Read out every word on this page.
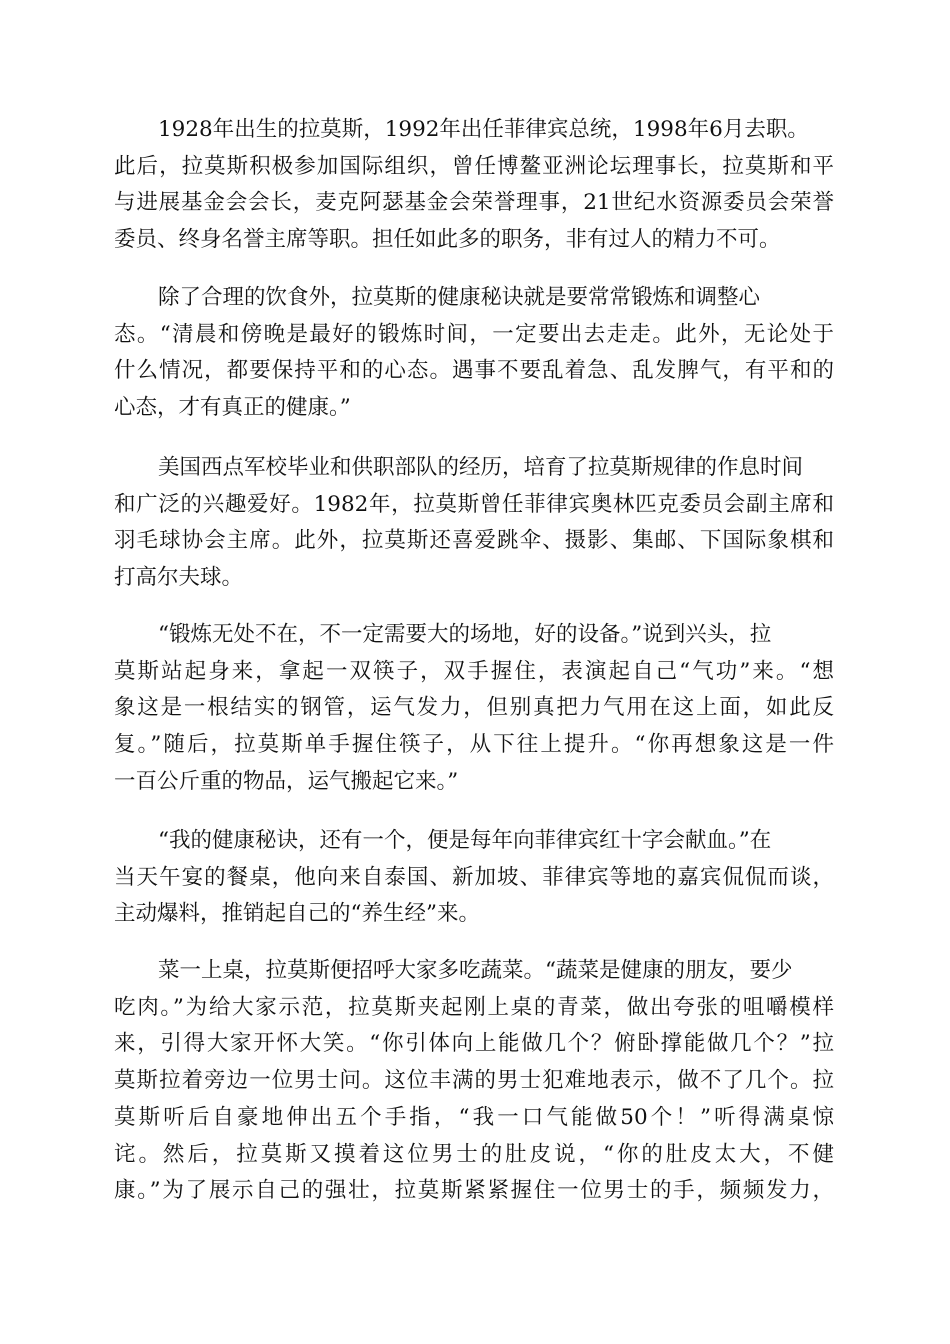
1928年出生的拉莫斯，1992年出任菲律宾总统，1998年6月去职。
此后，拉莫斯积极参加国际组织，曾任博鳌亚洲论坛理事长，拉莫斯和平
与进展基金会会长，麦克阿瑟基金会荣誉理事，21世纪水资源委员会荣誉
委员、终身名誉主席等职。担任如此多的职务，非有过人的精力不可。
除了合理的饮食外，拉莫斯的健康秘诀就是要常常锻炼和调整心
态。“清晨和傍晚是最好的锻炼时间，一定要出去走走。此外，无论处于
什么情况，都要保持平和的心态。遇事不要乱着急、乱发脾气，有平和的
心态，才有真正的健康。”
美国西点军校毕业和供职部队的经历，培育了拉莫斯规律的作息时间
和广泛的兴趣爱好。1982年，拉莫斯曾任菲律宾奥林匹克委员会副主席和
羽毛球协会主席。此外，拉莫斯还喜爱跳伞、摄影、集邮、下国际象棋和
打高尔夫球。
“锻炼无处不在，不一定需要大的场地，好的设备。”说到兴头，拉
莫斯站起身来，拿起一双筷子，双手握住，表演起自己“气功”来。“想
象这是一根结实的钢管，运气发力，但别真把力气用在这上面，如此反
复。”随后，拉莫斯单手握住筷子，从下往上提升。“你再想象这是一件
一百公斤重的物品，运气搬起它来。”
“我的健康秘诀，还有一个，便是每年向菲律宾红十字会献血。”在
当天午宴的餐桌，他向来自泰国、新加坡、菲律宾等地的嘉宾侃侃而谈，
主动爆料，推销起自己的“养生经”来。
菜一上桌，拉莫斯便招呼大家多吃蔬菜。“蔬菜是健康的朋友，要少
吃肉。”为给大家示范，拉莫斯夹起刚上桌的青菜，做出夸张的咀嚼模样
来，引得大家开怀大笑。“你引体向上能做几个？俯卧撑能做几个？”拉
莫斯拉着旁边一位男士问。这位丰满的男士犯难地表示，做不了几个。拉
莫斯听后自豪地伸出五个手指，“我一口气能做50个！”听得满桌惊
诧。然后，拉莫斯又摸着这位男士的肚皮说，“你的肚皮太大，不健
康。”为了展示自己的强壮，拉莫斯紧紧握住一位男士的手，频频发力，
